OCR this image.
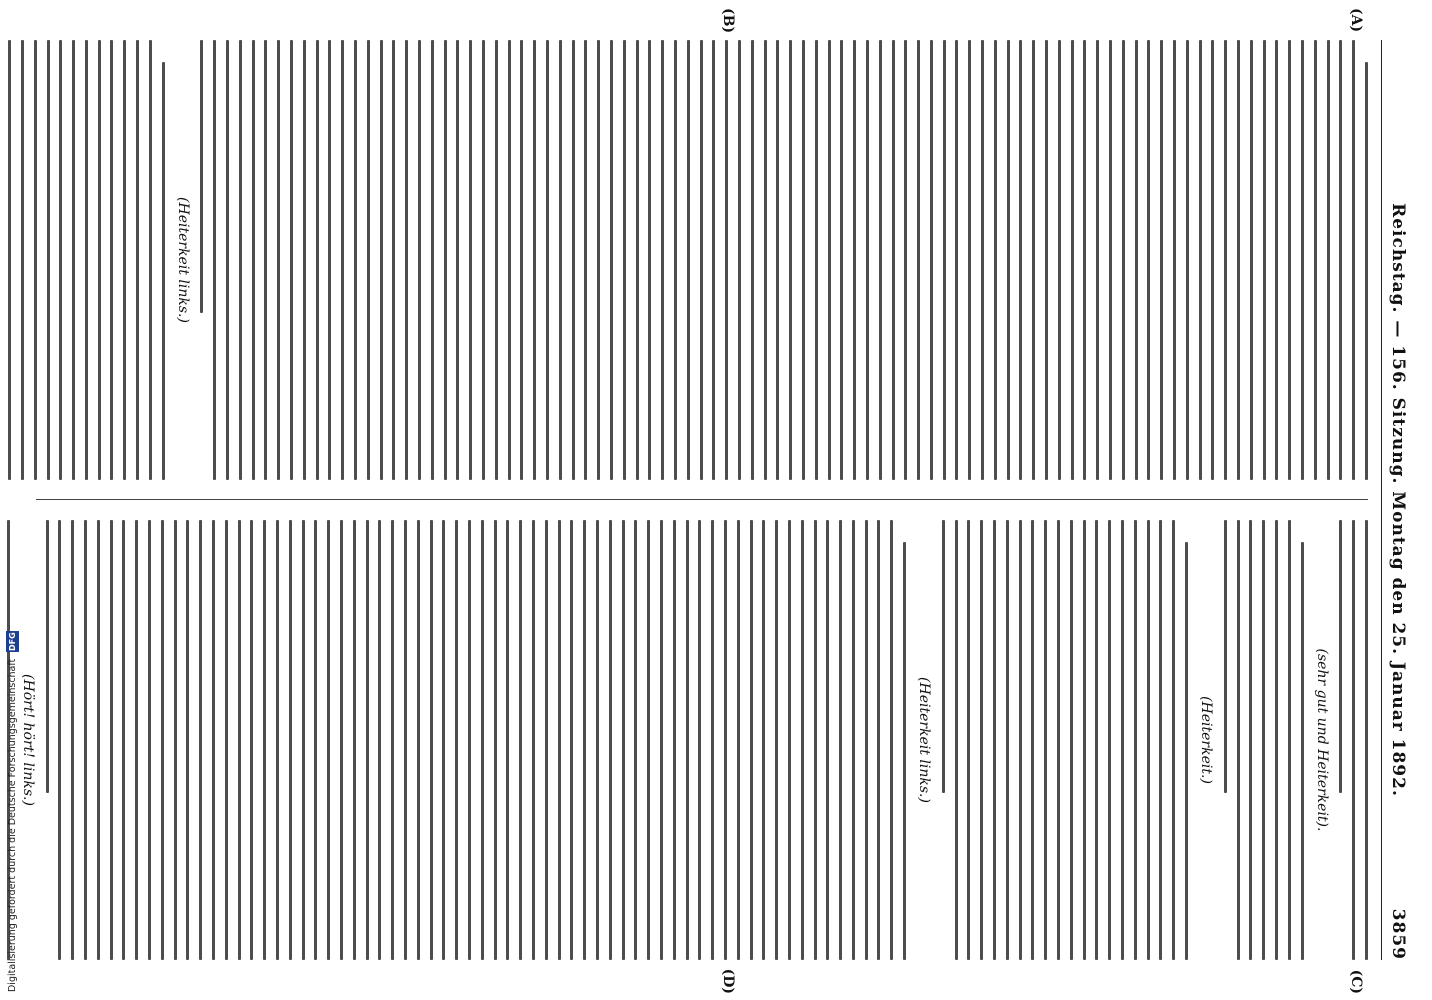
Reichstag. — 156. Sitzung. Montag den 25. Januar 1892.
3859
(A)
(B)
(C)
(D)
(Heiterkeit links.)
(sehr gut und Heiterkeit).
(Heiterkeit.)
(Heiterkeit links.)
(Hört! hört! links.)
Digitalisierung gefördert durch die Deutsche Forschungsgemeinschaft DFG
